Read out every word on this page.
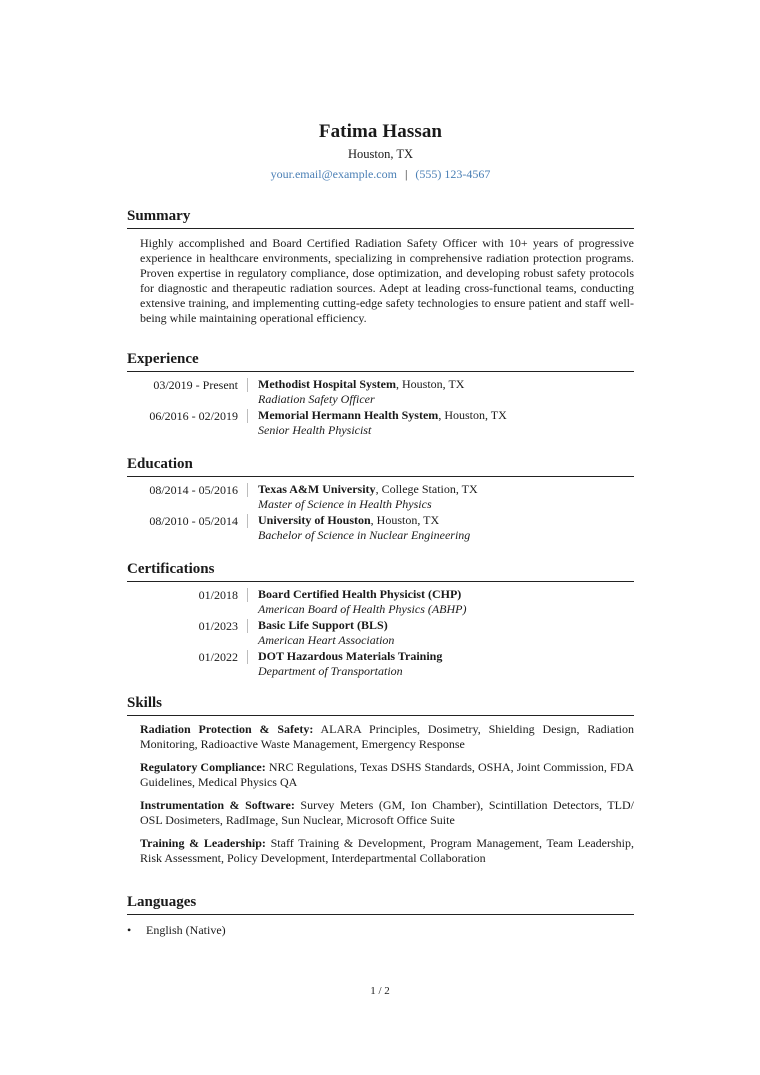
Fatima Hassan
Houston, TX
your.email@example.com | (555) 123-4567
Summary
Highly accomplished and Board Certified Radiation Safety Officer with 10+ years of progressive experience in healthcare environments, specializing in comprehensive radiation protection programs. Proven expertise in regulatory compliance, dose optimization, and developing robust safety protocols for diagnostic and therapeutic radiation sources. Adept at leading cross-functional teams, conducting extensive training, and implementing cutting-edge safety technologies to ensure patient and staff well-being while maintaining operational efficiency.
Experience
03/2019 - Present	Methodist Hospital System, Houston, TX
Radiation Safety Officer
06/2016 - 02/2019	Memorial Hermann Health System, Houston, TX
Senior Health Physicist
Education
08/2014 - 05/2016	Texas A&M University, College Station, TX
Master of Science in Health Physics
08/2010 - 05/2014	University of Houston, Houston, TX
Bachelor of Science in Nuclear Engineering
Certifications
01/2018	Board Certified Health Physicist (CHP)
American Board of Health Physics (ABHP)
01/2023	Basic Life Support (BLS)
American Heart Association
01/2022	DOT Hazardous Materials Training
Department of Transportation
Skills
Radiation Protection & Safety: ALARA Principles, Dosimetry, Shielding Design, Radiation Monitoring, Radioactive Waste Management, Emergency Response
Regulatory Compliance: NRC Regulations, Texas DSHS Standards, OSHA, Joint Commission, FDA Guidelines, Medical Physics QA
Instrumentation & Software: Survey Meters (GM, Ion Chamber), Scintillation Detectors, TLD/ OSL Dosimeters, RadImage, Sun Nuclear, Microsoft Office Suite
Training & Leadership: Staff Training & Development, Program Management, Team Leadership, Risk Assessment, Policy Development, Interdepartmental Collaboration
Languages
• English (Native)
1 / 2
